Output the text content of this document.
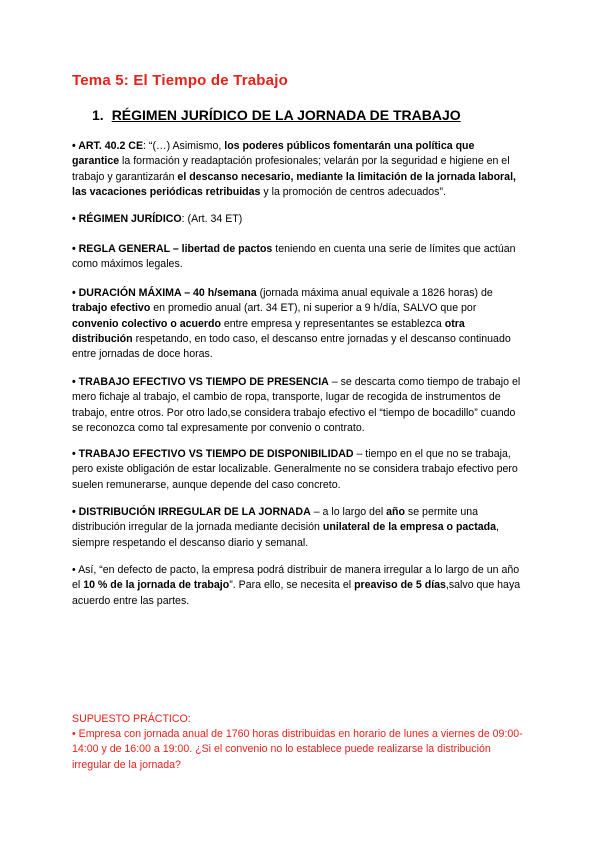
Tema 5: El Tiempo de Trabajo
1. RÉGIMEN JURÍDICO DE LA JORNADA DE TRABAJO

• ART. 40.2 CE: “(…) Asimismo, los poderes públicos fomentarán una política que garantice la formación y readaptación profesionales; velarán por la seguridad e higiene en el trabajo y garantizarán el descanso necesario, mediante la limitación de la jornada laboral, las vacaciones periódicas retribuidas y la promoción de centros adecuados”.

• RÉGIMEN JURÍDICO: (Art. 34 ET)

• REGLA GENERAL – libertad de pactos teniendo en cuenta una serie de límites que actúan como máximos legales.

• DURACIÓN MÁXIMA – 40 h/semana (jornada máxima anual equivale a 1826 horas) de trabajo efectivo en promedio anual (art. 34 ET), ni superior a 9 h/día, SALVO que por convenio colectivo o acuerdo entre empresa y representantes se establezca otra distribución respetando, en todo caso, el descanso entre jornadas y el descanso continuado entre jornadas de doce horas.

• TRABAJO EFECTIVO VS TIEMPO DE PRESENCIA – se descarta como tiempo de trabajo el mero fichaje al trabajo, el cambio de ropa, transporte, lugar de recogida de instrumentos de trabajo, entre otros. Por otro lado,se considera trabajo efectivo el “tiempo de bocadillo” cuando se reconozca como tal expresamente por convenio o contrato.

• TRABAJO EFECTIVO VS TIEMPO DE DISPONIBILIDAD – tiempo en el que no se trabaja, pero existe obligación de estar localizable. Generalmente no se considera trabajo efectivo pero suelen remunerarse, aunque depende del caso concreto.

• DISTRIBUCIÓN IRREGULAR DE LA JORNADA – a lo largo del año se permite una distribución irregular de la jornada mediante decisión unilateral de la empresa o pactada, siempre respetando el descanso diario y semanal.

• Así, “en defecto de pacto, la empresa podrá distribuir de manera irregular a lo largo de un año el 10 % de la jornada de trabajo”. Para ello, se necesita el preaviso de 5 días,salvo que haya acuerdo entre las partes.

SUPUESTO PRÁCTICO:

• Empresa con jornada anual de 1760 horas distribuidas en horario de lunes a viernes de 09:00-14:00 y de 16:00 a 19:00. ¿Si el convenio no lo establece puede realizarse la distribución irregular de la jornada?
